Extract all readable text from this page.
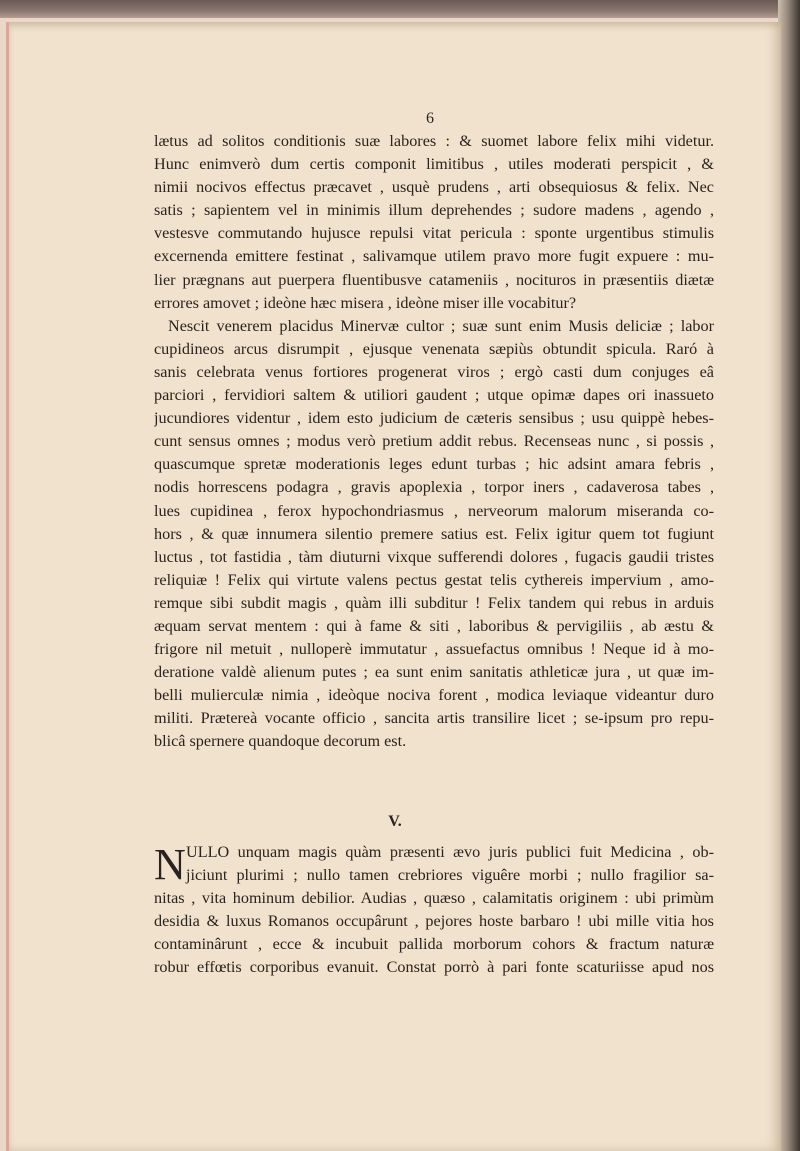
6
lætus ad solitos conditionis suæ labores : & suomet labore felix mihi videtur.
Hunc enimverò dum certis componit limitibus , utiles moderati perspicit , &
nimii nocivos effectus præcavet , usquè prudens , arti obsequiosus & felix. Nec
satis ; sapientem vel in minimis illum deprehendes ; sudore madens , agendo ,
vestesve commutando hujusce repulsi vitat pericula : sponte urgentibus stimulis
excernenda emittere festinat , salivamque utilem pravo more fugit expuere : mu-
lier prægnans aut puerpera fluentibusve catameniis , nocituros in præsentiis diætæ
errores amovet ; ideòne hæc misera , ideòne miser ille vocabitur?
Nescit venerem placidus Minervæ cultor ; suæ sunt enim Musis deliciæ ; labor
cupidineos arcus disrumpit , ejusque venenata sæpiùs obtundit spicula. Raró à
sanis celebrata venus fortiores progenerat viros ; ergò casti dum conjuges eâ
parciori , fervidiori saltem & utiliori gaudent ; utque opimæ dapes ori inassueto
jucundiores videntur , idem esto judicium de cæteris sensibus ; usu quippè hebes-
cunt sensus omnes ; modus verò pretium addit rebus. Recenseas nunc , si possis ,
quascumque spretæ moderationis leges edunt turbas ; hic adsint amara febris ,
nodis horrescens podagra , gravis apoplexia , torpor iners , cadaverosa tabes ,
lues cupidinea , ferox hypochondriasmus , nerveorum malorum miseranda co-
hors , & quæ innumera silentio premere satius est. Felix igitur quem tot fugiunt
luctus , tot fastidia , tàm diuturni vixque sufferendi dolores , fugacis gaudii tristes
reliquiæ ! Felix qui virtute valens pectus gestat telis cythereis impervium , amo-
remque sibi subdit magis , quàm illi subditur ! Felix tandem qui rebus in arduis
æquam servat mentem : qui à fame & siti , laboribus & pervigiliis , ab æstu &
frigore nil metuit , nulloperè immutatur , assuefactus omnibus ! Neque id à mo-
deratione valdè alienum putes ; ea sunt enim sanitatis athleticæ jura , ut quæ im-
belli mulierculæ nimia , ideòque nociva forent , modica leviaque videantur duro
militi. Prætereà vocante officio , sancita artis transilire licet ; se-ipsum pro repu-
blicâ spernere quandoque decorum est.
V.
N ULLO unquam magis quàm præsenti ævo juris publici fuit Medicina , ob-
jiciunt plurimi ; nullo tamen crebriores viguêre morbi ; nullo fragilior sa-
nitas , vita hominum debilior. Audias , quæso , calamitatis originem : ubi primùm
desidia & luxus Romanos occupârunt , pejores hoste barbaro ! ubi mille vitia hos
contaminârunt , ecce & incubuit pallida morborum cohors & fractum naturæ
robur effœtis corporibus evanuit. Constat porrò à pari fonte scaturiisse apud nos
